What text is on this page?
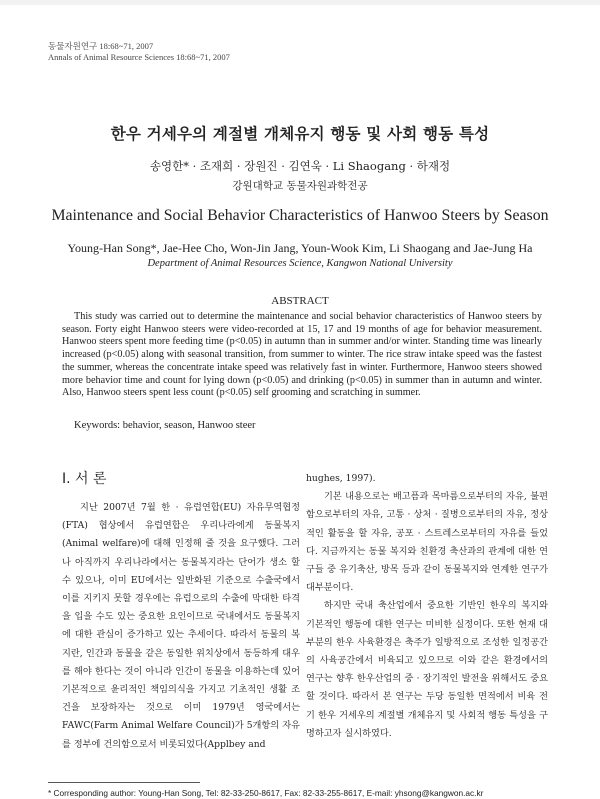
동물자원연구 18:68~71, 2007
Annals of Animal Resource Sciences 18:68~71, 2007
한우 거세우의 계절별 개체유지 행동 및 사회 행동 특성
송영한* · 조재희 · 장원진 · 김연욱 · Li Shaogang · 하재정
강원대학교 동물자원과학전공
Maintenance and Social Behavior Characteristics of Hanwoo Steers by Season
Young-Han Song*, Jae-Hee Cho, Won-Jin Jang, Youn-Wook Kim, Li Shaogang and Jae-Jung Ha
Department of Animal Resources Science, Kangwon National University
ABSTRACT
This study was carried out to determine the maintenance and social behavior characteristics of Hanwoo steers by season. Forty eight Hanwoo steers were video-recorded at 15, 17 and 19 months of age for behavior measurement. Hanwoo steers spent more feeding time (p<0.05) in autumn than in summer and/or winter. Standing time was linearly increased (p<0.05) along with seasonal transition, from summer to winter. The rice straw intake speed was the fastest the summer, whereas the concentrate intake speed was relatively fast in winter. Furthermore, Hanwoo steers showed more behavior time and count for lying down (p<0.05) and drinking (p<0.05) in summer than in autumn and winter. Also, Hanwoo steers spent less count (p<0.05) self grooming and scratching in summer.
Keywords: behavior, season, Hanwoo steer
Ⅰ. 서 론

지난 2007년 7월 한 · 유럽연합(EU) 자유무역협정 (FTA) 협상에서 유럽연합은 우리나라에게 동물복지 (Animal welfare)에 대해 인정해 줄 것을 요구했다. 그러나 아직까지 우리나라에서는 동물복지라는 단어가 생소 할 수 있으나, 이미 EU에서는 일반화된 기준으로 수출국에서 이를 지키지 못할 경우에는 유럽으로의 수출에 막대한 타격을 입을 수도 있는 중요한 요인이므로 국내에서도 동물복지에 대한 관심이 증가하고 있는 추세이다. 따라서 동물의 복지란, 인간과 동물을 같은 동일한 위치상에서 동등하게 대우를 해야 한다는 것이 아니라 인간이 동물을 이용하는데 있어 기본적으로 윤리적인 책임의식을 가지고 기초적인 생활 조건을 보장하자는 것으로 이미 1979년 영국에서는 FAWC(Farm Animal Welfare Council)가 5개항의 자유를 정부에 건의함으로서 비롯되었다(Applbey and

hughes, 1997).

기본 내용으로는 배고픔과 목마름으로부터의 자유, 불편함으로부터의 자유, 고통 · 상처 · 질병으로부터의 자유, 정상적인 활동을 할 자유, 공포 · 스트레스로부터의 자유를 들었다. 지금까지는 동물 복지와 친환경 축산과의 관계에 대한 연구들 중 유기축산, 방목 등과 같이 동물복지와 연계한 연구가 대부분이다.

하지만 국내 축산업에서 중요한 기반인 한우의 복지와 기본적인 행동에 대한 연구는 미비한 실정이다. 또한 현재 대부분의 한우 사육환경은 축주가 일방적으로 조성한 일정공간의 사육공간에서 비육되고 있으므로 이와 같은 환경에서의 연구는 향후 한우산업의 중 · 장기적인 발전을 위해서도 중요할 것이다. 따라서 본 연구는 두당 동일한 면적에서 비육 전기 한우 거세우의 계절별 개체유지 및 사회적 행동 특성을 구명하고자 실시하였다.

* Corresponding author: Young-Han Song, Tel: 82-33-250-8617, Fax: 82-33-255-8617, E-mail: yhsong@kangwon.ac.kr
